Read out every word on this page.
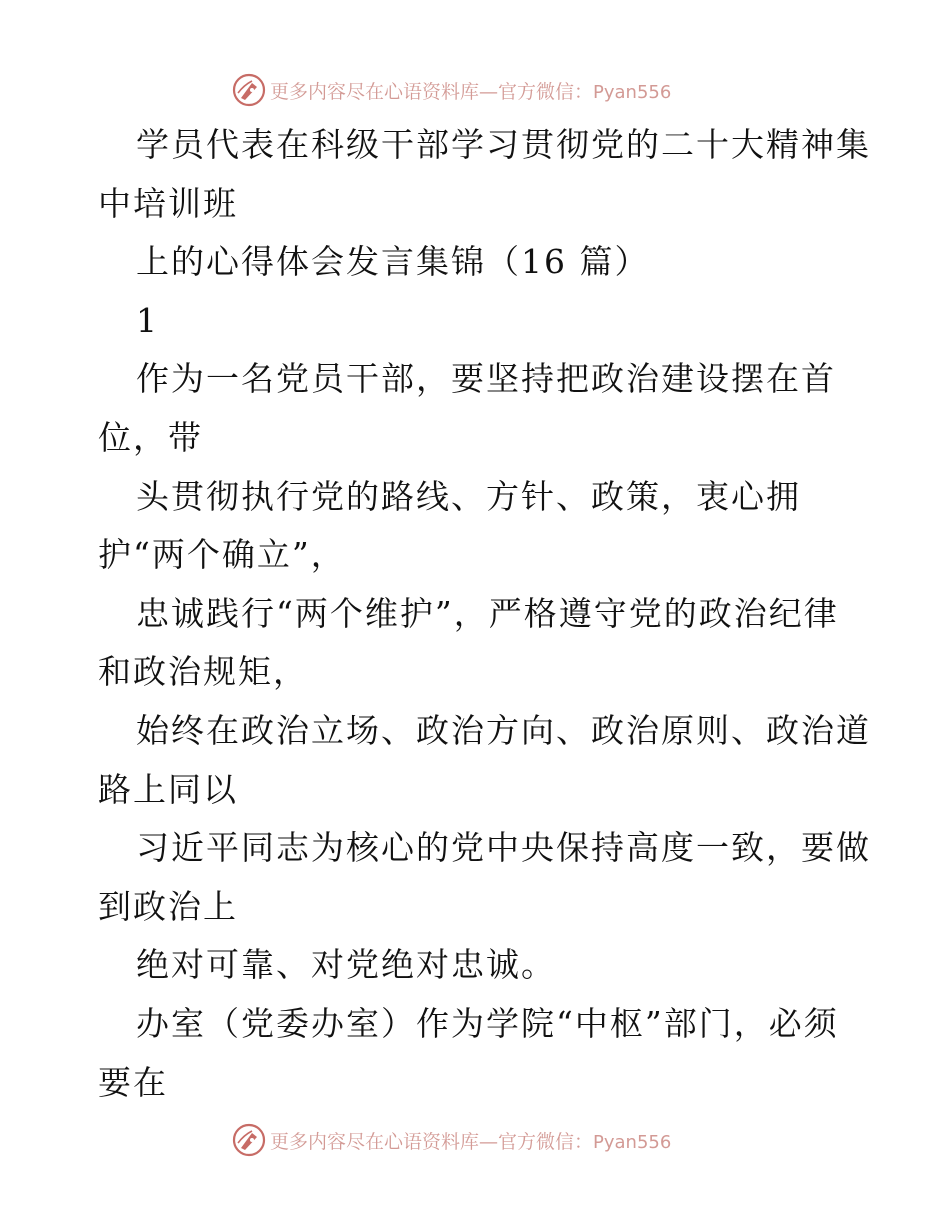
更多内容尽在心语资料库—官方微信：Pyan556
学员代表在科级干部学习贯彻党的二十大精神集
中培训班
上的心得体会发言集锦（16 篇）
1
作为一名党员干部，要坚持把政治建设摆在首
位，带
头贯彻执行党的路线、方针、政策，衷心拥
护“两个确立”，
忠诚践行“两个维护”，严格遵守党的政治纪律
和政治规矩，
始终在政治立场、政治方向、政治原则、政治道
路上同以
习近平同志为核心的党中央保持高度一致，要做
到政治上
绝对可靠、对党绝对忠诚。
办室（党委办室）作为学院“中枢”部门，必须
要在
更多内容尽在心语资料库—官方微信：Pyan556
